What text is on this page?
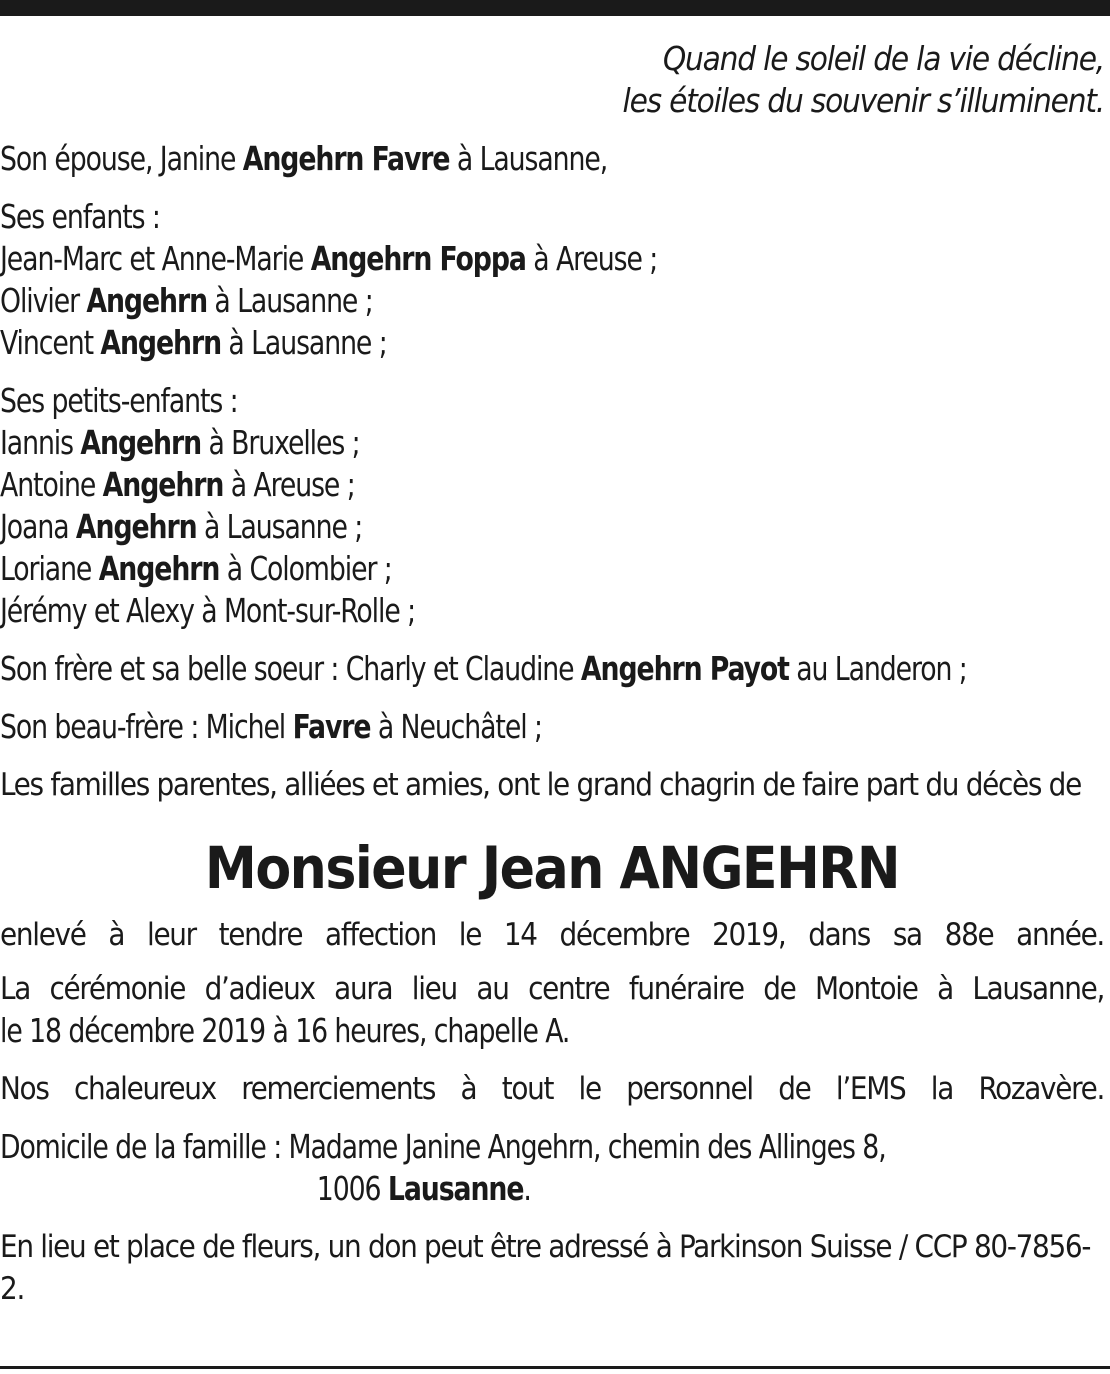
Quand le soleil de la vie décline,
les étoiles du souvenir s’illuminent.
Son épouse, Janine Angehrn Favre à Lausanne,
Ses enfants :
Jean-Marc et Anne-Marie Angehrn Foppa à Areuse ;
Olivier Angehrn à Lausanne ;
Vincent Angehrn à Lausanne ;
Ses petits-enfants :
Iannis Angehrn à Bruxelles ;
Antoine Angehrn à Areuse ;
Joana Angehrn à Lausanne ;
Loriane Angehrn à Colombier ;
Jérémy et Alexy à Mont-sur-Rolle ;
Son frère et sa belle soeur : Charly et Claudine Angehrn Payot au Landeron ;
Son beau-frère : Michel Favre à Neuchâtel ;
Les familles parentes, alliées et amies, ont le grand chagrin de faire part du décès de
Monsieur Jean ANGEHRN
enlevé à leur tendre affection le 14 décembre 2019, dans sa 88e année.
La cérémonie d’adieux aura lieu au centre funéraire de Montoie à Lausanne,
le 18 décembre 2019 à 16 heures, chapelle A.
Nos chaleureux remerciements à tout le personnel de l’EMS la Rozavère.
Domicile de la famille : Madame Janine Angehrn, chemin des Allinges 8,
1006 Lausanne.
En lieu et place de fleurs, un don peut être adressé à Parkinson Suisse / CCP 80-7856-2.
